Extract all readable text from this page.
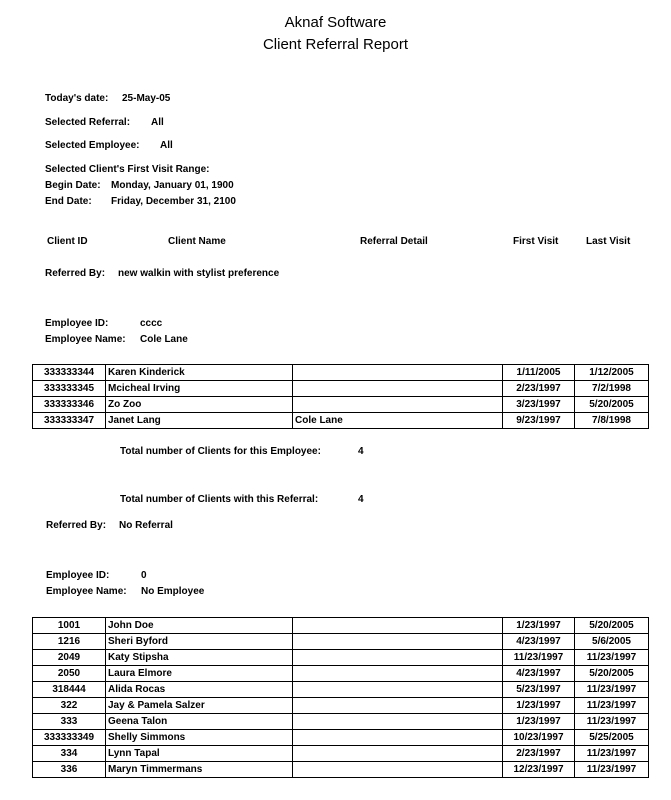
Aknaf Software
Client Referral Report
Today's date: 25-May-05
Selected Referral: All
Selected Employee: All
Selected Client's First Visit Range:
Begin Date: Monday, January 01, 1900
End Date: Friday, December 31, 2100
Client ID	Client Name	Referral Detail	First Visit	Last Visit
Referred By: new walkin with stylist preference
Employee ID:	cccc
Employee Name: Cole Lane
333333344	Karen Kinderick		1/11/2005	1/12/2005
333333345	Mcicheal Irving		2/23/1997	7/2/1998
333333346	Zo Zoo		3/23/1997	5/20/2005
333333347	Janet Lang	Cole Lane	9/23/1997	7/8/1998
Total number of Clients for this Employee:	4
Total number of Clients with this Referral:	4
Referred By: No Referral
Employee ID:	0
Employee Name: No Employee
1001	John Doe		1/23/1997	5/20/2005
1216	Sheri Byford		4/23/1997	5/6/2005
2049	Katy Stipsha		11/23/1997	11/23/1997
2050	Laura Elmore		4/23/1997	5/20/2005
318444	Alida Rocas		5/23/1997	11/23/1997
322	Jay & Pamela Salzer		1/23/1997	11/23/1997
333	Geena Talon		1/23/1997	11/23/1997
333333349	Shelly Simmons		10/23/1997	5/25/2005
334	Lynn Tapal		2/23/1997	11/23/1997
336	Maryn Timmermans		12/23/1997	11/23/1997
